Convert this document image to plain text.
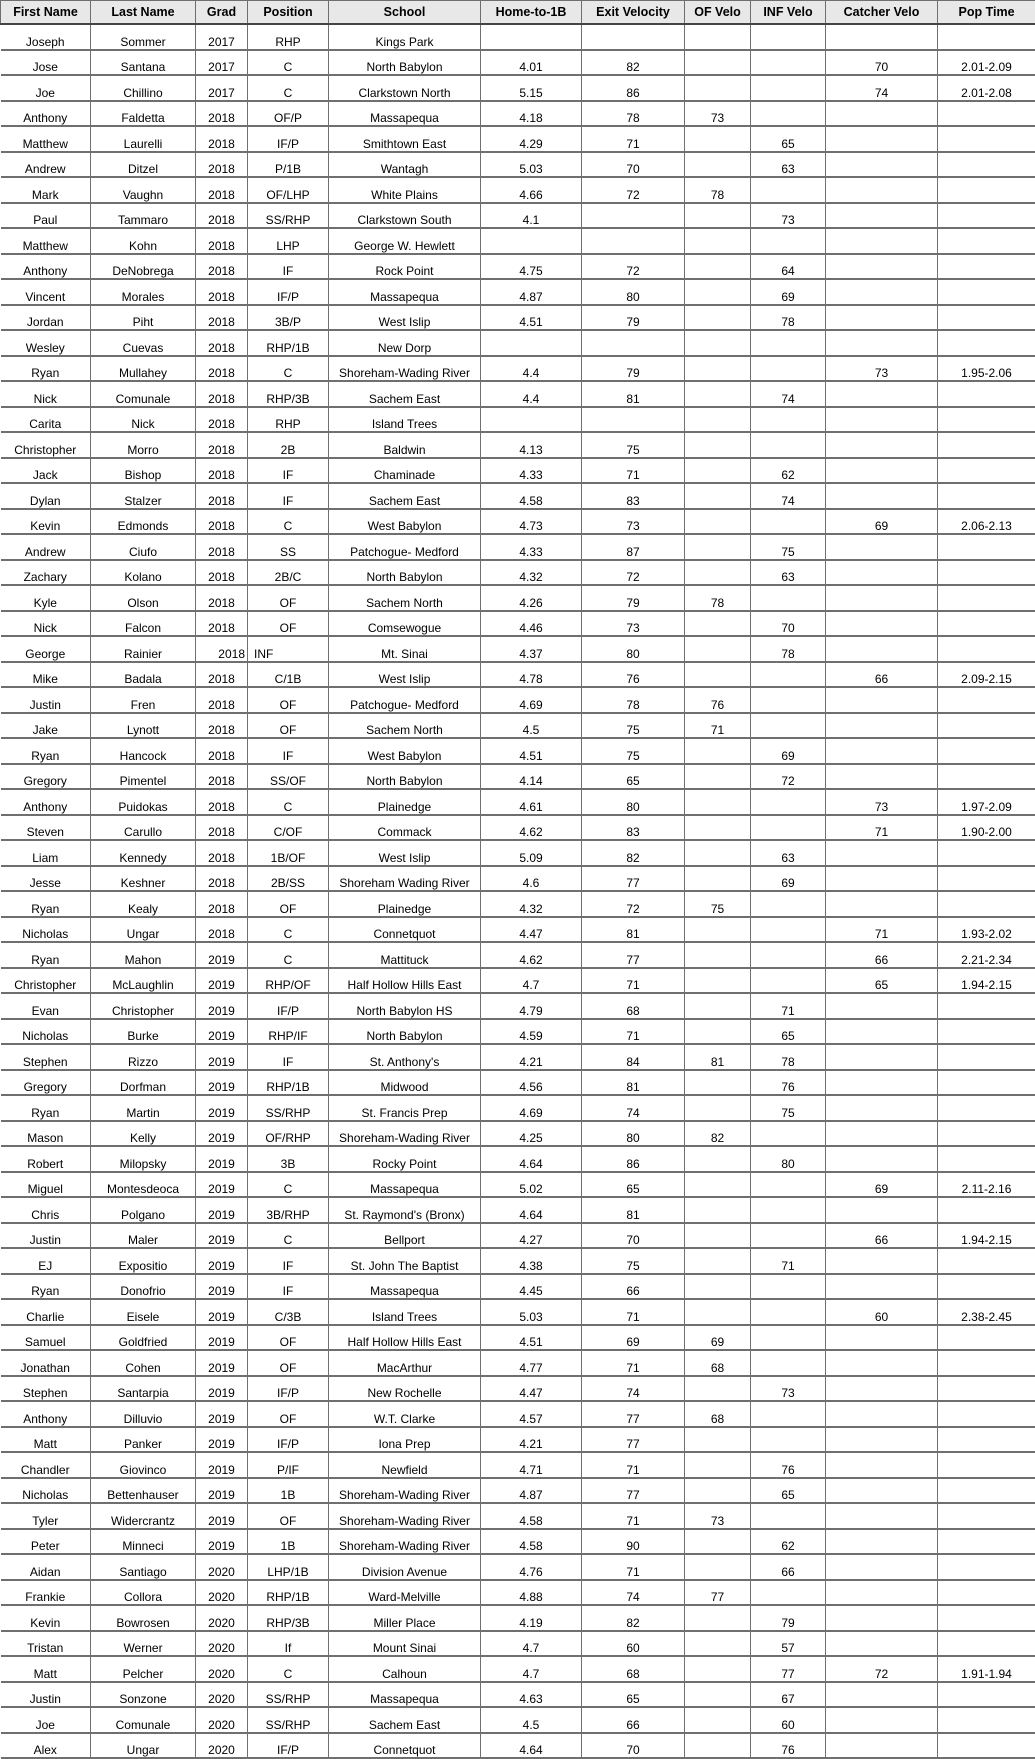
First Name	Last Name	Grad	Position	School	Home-to-1B	Exit Velocity	OF Velo	INF Velo	Catcher Velo	Pop Time
Joseph	Sommer	2017	RHP	Kings Park						
Jose	Santana	2017	C	North Babylon	4.01	82			70	2.01-2.09
Joe	Chillino	2017	C	Clarkstown North	5.15	86			74	2.01-2.08
Anthony	Faldetta	2018	OF/P	Massapequa	4.18	78	73			
Matthew	Laurelli	2018	IF/P	Smithtown East	4.29	71		65		
Andrew	Ditzel	2018	P/1B	Wantagh	5.03	70		63		
Mark	Vaughn	2018	OF/LHP	White Plains	4.66	72	78			
Paul	Tammaro	2018	SS/RHP	Clarkstown South	4.1			73		
Matthew	Kohn	2018	LHP	George W. Hewlett						
Anthony	DeNobrega	2018	IF	Rock Point	4.75	72		64		
Vincent	Morales	2018	IF/P	Massapequa	4.87	80		69		
Jordan	Piht	2018	3B/P	West Islip	4.51	79		78		
Wesley	Cuevas	2018	RHP/1B	New Dorp						
Ryan	Mullahey	2018	C	Shoreham-Wading River	4.4	79			73	1.95-2.06
Nick	Comunale	2018	RHP/3B	Sachem East	4.4	81		74		
Carita	Nick	2018	RHP	Island Trees						
Christopher	Morro	2018	2B	Baldwin	4.13	75				
Jack	Bishop	2018	IF	Chaminade	4.33	71		62		
Dylan	Stalzer	2018	IF	Sachem East	4.58	83		74		
Kevin	Edmonds	2018	C	West Babylon	4.73	73			69	2.06-2.13
Andrew	Ciufo	2018	SS	Patchogue- Medford	4.33	87		75		
Zachary	Kolano	2018	2B/C	North Babylon	4.32	72		63		
Kyle	Olson	2018	OF	Sachem North	4.26	79	78			
Nick	Falcon	2018	OF	Comsewogue	4.46	73		70		
George	Rainier	2018	INF	Mt. Sinai	4.37	80		78		
Mike	Badala	2018	C/1B	West Islip	4.78	76			66	2.09-2.15
Justin	Fren	2018	OF	Patchogue- Medford	4.69	78	76			
Jake	Lynott	2018	OF	Sachem North	4.5	75	71			
Ryan	Hancock	2018	IF	West Babylon	4.51	75		69		
Gregory	Pimentel	2018	SS/OF	North Babylon	4.14	65		72		
Anthony	Puidokas	2018	C	Plainedge	4.61	80			73	1.97-2.09
Steven	Carullo	2018	C/OF	Commack	4.62	83			71	1.90-2.00
Liam	Kennedy	2018	1B/OF	West Islip	5.09	82		63		
Jesse	Keshner	2018	2B/SS	Shoreham Wading River	4.6	77		69		
Ryan	Kealy	2018	OF	Plainedge	4.32	72	75			
Nicholas	Ungar	2018	C	Connetquot	4.47	81			71	1.93-2.02
Ryan	Mahon	2019	C	Mattituck	4.62	77			66	2.21-2.34
Christopher	McLaughlin	2019	RHP/OF	Half Hollow Hills East	4.7	71			65	1.94-2.15
Evan	Christopher	2019	IF/P	North Babylon HS	4.79	68		71		
Nicholas	Burke	2019	RHP/IF	North Babylon	4.59	71		65		
Stephen	Rizzo	2019	IF	St. Anthony's	4.21	84	81	78		
Gregory	Dorfman	2019	RHP/1B	Midwood	4.56	81		76		
Ryan	Martin	2019	SS/RHP	St. Francis Prep	4.69	74		75		
Mason	Kelly	2019	OF/RHP	Shoreham-Wading River	4.25	80	82			
Robert	Milopsky	2019	3B	Rocky Point	4.64	86		80		
Miguel	Montesdeoca	2019	C	Massapequa	5.02	65			69	2.11-2.16
Chris	Polgano	2019	3B/RHP	St. Raymond's (Bronx)	4.64	81				
Justin	Maler	2019	C	Bellport	4.27	70			66	1.94-2.15
EJ	Expositio	2019	IF	St. John The Baptist	4.38	75		71		
Ryan	Donofrio	2019	IF	Massapequa	4.45	66				
Charlie	Eisele	2019	C/3B	Island Trees	5.03	71			60	2.38-2.45
Samuel	Goldfried	2019	OF	Half Hollow Hills East	4.51	69	69			
Jonathan	Cohen	2019	OF	MacArthur	4.77	71	68			
Stephen	Santarpia	2019	IF/P	New Rochelle	4.47	74		73		
Anthony	Dilluvio	2019	OF	W.T. Clarke	4.57	77	68			
Matt	Panker	2019	IF/P	Iona Prep	4.21	77				
Chandler	Giovinco	2019	P/IF	Newfield	4.71	71		76		
Nicholas	Bettenhauser	2019	1B	Shoreham-Wading River	4.87	77		65		
Tyler	Widercrantz	2019	OF	Shoreham-Wading River	4.58	71	73			
Peter	Minneci	2019	1B	Shoreham-Wading River	4.58	90		62		
Aidan	Santiago	2020	LHP/1B	Division Avenue	4.76	71		66		
Frankie	Collora	2020	RHP/1B	Ward-Melville	4.88	74	77			
Kevin	Bowrosen	2020	RHP/3B	Miller Place	4.19	82		79		
Tristan	Werner	2020	If	Mount Sinai	4.7	60		57		
Matt	Pelcher	2020	C	Calhoun	4.7	68		77	72	1.91-1.94
Justin	Sonzone	2020	SS/RHP	Massapequa	4.63	65		67		
Joe	Comunale	2020	SS/RHP	Sachem East	4.5	66		60		
Alex	Ungar	2020	IF/P	Connetquot	4.64	70		76		
